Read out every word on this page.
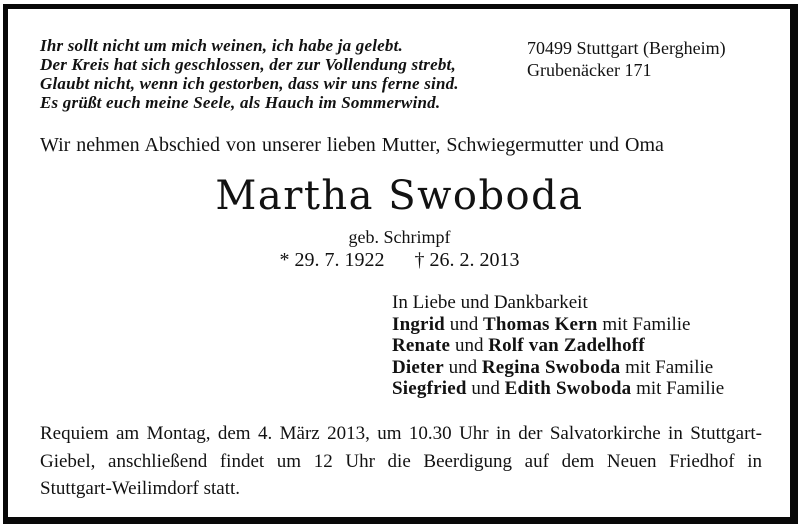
Ihr sollt nicht um mich weinen, ich habe ja gelebt.
Der Kreis hat sich geschlossen, der zur Vollendung strebt,
Glaubt nicht, wenn ich gestorben, dass wir uns ferne sind.
Es grüßt euch meine Seele, als Hauch im Sommerwind.
70499 Stuttgart (Bergheim)
Grubenäcker 171
Wir nehmen Abschied von unserer lieben Mutter, Schwiegermutter und Oma
Martha Swoboda
geb. Schrimpf
* 29. 7. 1922 † 26. 2. 2013
In Liebe und Dankbarkeit
Ingrid und Thomas Kern mit Familie
Renate und Rolf van Zadelhoff
Dieter und Regina Swoboda mit Familie
Siegfried und Edith Swoboda mit Familie
Requiem am Montag, dem 4. März 2013, um 10.30 Uhr in der Salvatorkirche in Stuttgart-
Giebel, anschließend findet um 12 Uhr die Beerdigung auf dem Neuen Friedhof in
Stuttgart-Weilimdorf statt.
